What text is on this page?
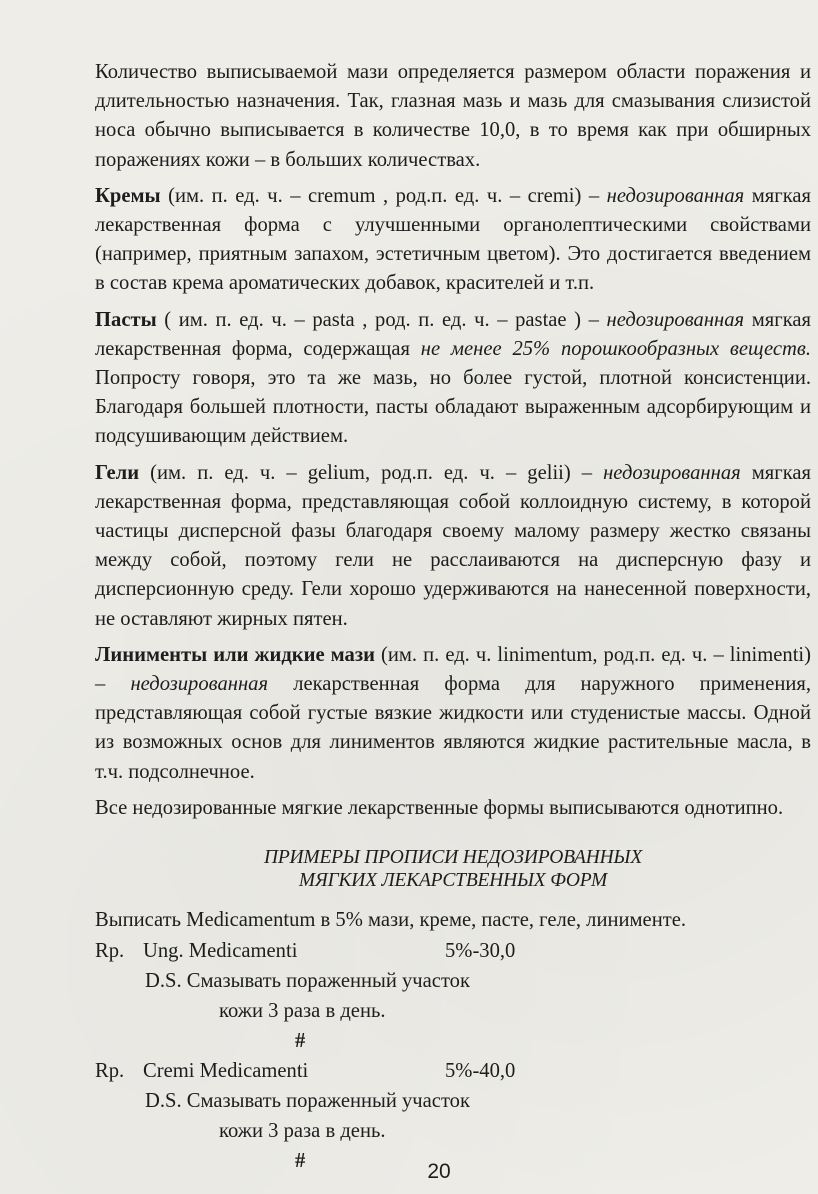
Количество выписываемой мази определяется размером области поражения и длительностью назначения. Так, глазная мазь и мазь для смазывания слизистой носа обычно выписывается в количестве 10,0, в то время как при обширных поражениях кожи – в больших количествах.

Кремы (им. п. ед. ч. – cremum , род.п. ед. ч. – cremi) – недозированная мягкая лекарственная форма с улучшенными органолептическими свойствами (например, приятным запахом, эстетичным цветом). Это достигается введением в состав крема ароматических добавок, красителей и т.п.

Пасты ( им. п. ед. ч. – pasta , род. п. ед. ч. – pastae ) – недозированная мягкая лекарственная форма, содержащая не менее 25% порошкообразных веществ. Попросту говоря, это та же мазь, но более густой, плотной консистенции. Благодаря большей плотности, пасты обладают выраженным адсорбирующим и подсушивающим действием.

Гели (им. п. ед. ч. – gelium, род.п. ед. ч. – gelii) – недозированная мягкая лекарственная форма, представляющая собой коллоидную систему, в которой частицы дисперсной фазы благодаря своему малому размеру жестко связаны между собой, поэтому гели не расслаиваются на дисперсную фазу и дисперсионную среду. Гели хорошо удерживаются на нанесенной поверхности, не оставляют жирных пятен.

Линименты или жидкие мази (им. п. ед. ч. linimentum, род.п. ед. ч. – linimenti) – недозированная лекарственная форма для наружного применения, представляющая собой густые вязкие жидкости или студенистые массы. Одной из возможных основ для линиментов являются жидкие растительные масла, в т.ч. подсолнечное.

Все недозированные мягкие лекарственные формы выписываются однотипно.

ПРИМЕРЫ ПРОПИСИ НЕДОЗИРОВАННЫХ
МЯГКИХ ЛЕКАРСТВЕННЫХ ФОРМ

Выписать Medicamentum в 5% мази, креме, пасте, геле, линименте.

Rp. Ung. Medicamenti	5%-30,0
D.S. Смазывать пораженный участок
кожи 3 раза в день.
#
Rp. Cremi Medicamenti	5%-40,0
D.S. Смазывать пораженный участок
кожи 3 раза в день.
#	20
